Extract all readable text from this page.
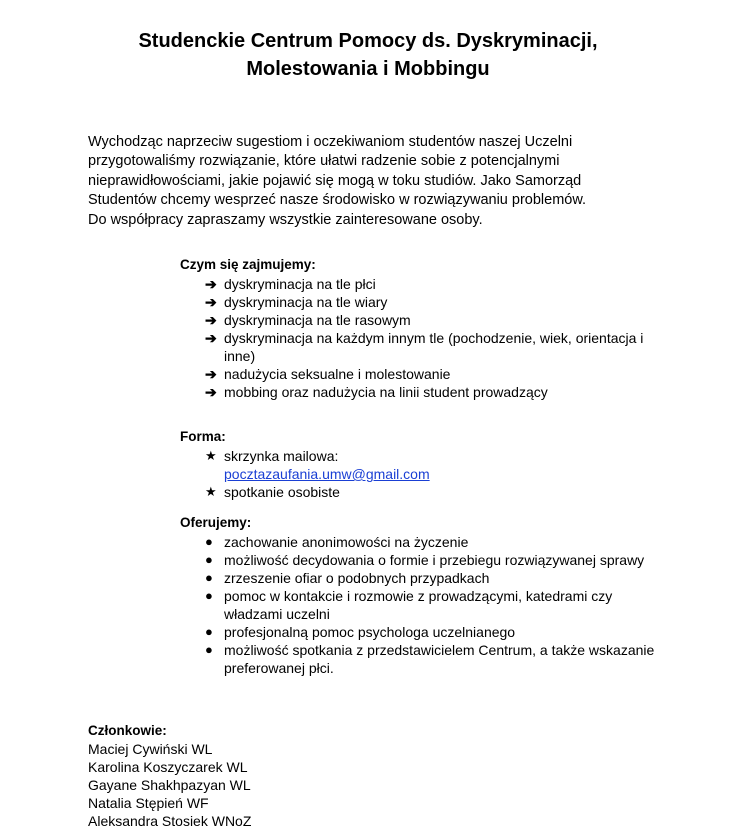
Studenckie Centrum Pomocy ds. Dyskryminacji,
Molestowania i Mobbingu

Wychodząc naprzeciw sugestiom i oczekiwaniom studentów naszej Uczelni przygotowaliśmy rozwiązanie, które ułatwi radzenie sobie z potencjalnymi nieprawidłowościami, jakie pojawić się mogą w toku studiów. Jako Samorząd Studentów chcemy wesprzeć nasze środowisko w rozwiązywaniu problemów. Do współpracy zapraszamy wszystkie zainteresowane osoby.

Czym się zajmujemy:
➔ dyskryminacja na tle płci
➔ dyskryminacja na tle wiary
➔ dyskryminacja na tle rasowym
➔ dyskryminacja na każdym innym tle (pochodzenie, wiek, orientacja i inne)
➔ nadużycia seksualne i molestowanie
➔ mobbing oraz nadużycia na linii student prowadzący
Forma:
★ skrzynka mailowa:
pocztazaufania.umw@gmail.com
★ spotkanie osobiste
Oferujemy:
● zachowanie anonimowości na życzenie
● możliwość decydowania o formie i przebiegu rozwiązywanej sprawy
● zrzeszenie ofiar o podobnych przypadkach
● pomoc w kontakcie i rozmowie z prowadzącymi, katedrami czy władzami uczelni
● profesjonalną pomoc psychologa uczelnianego
● możliwość spotkania z przedstawicielem Centrum, a także wskazanie preferowanej płci.
Członkowie:
Maciej Cywiński WL
Karolina Koszyczarek WL
Gayane Shakhpazyan WL
Natalia Stępień WF
Aleksandra Stosiek WNoZ
